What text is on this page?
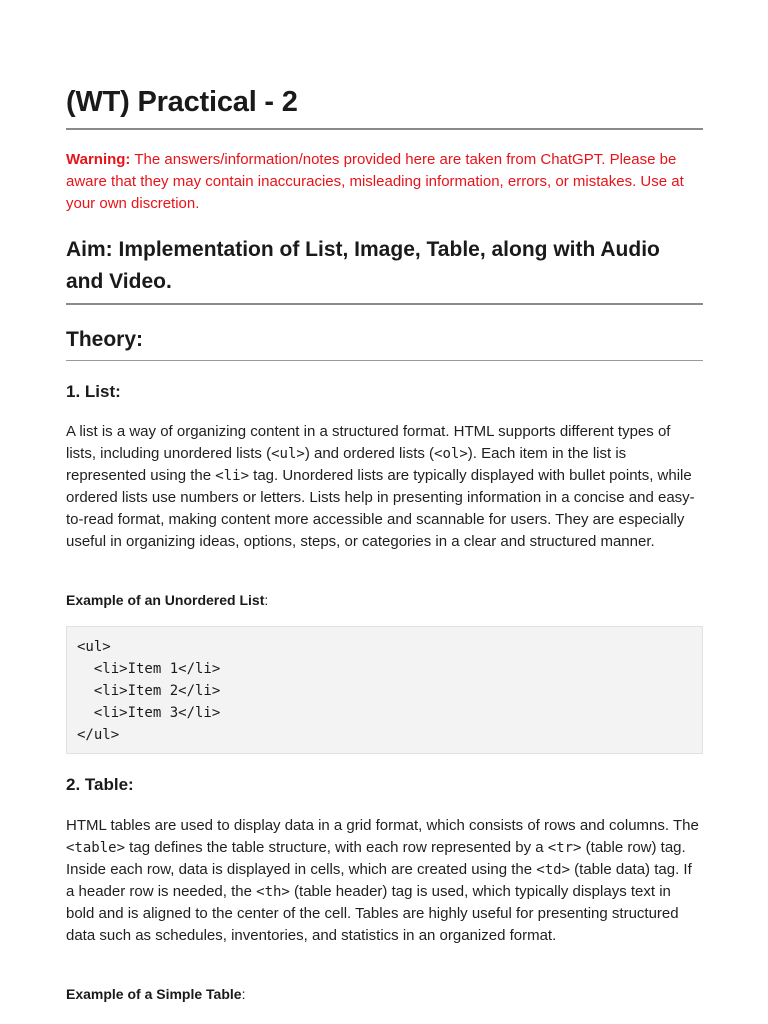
(WT) Practical - 2

Warning: The answers/information/notes provided here are taken from ChatGPT. Please be aware that they may contain inaccuracies, misleading information, errors, or mistakes. Use at your own discretion.

Aim: Implementation of List, Image, Table, along with Audio and Video.
Theory:
1. List:

A list is a way of organizing content in a structured format. HTML supports different types of lists, including unordered lists (<ul>) and ordered lists (<ol>). Each item in the list is represented using the <li> tag. Unordered lists are typically displayed with bullet points, while ordered lists use numbers or letters. Lists help in presenting information in a concise and easy-to-read format, making content more accessible and scannable for users. They are especially useful in organizing ideas, options, steps, or categories in a clear and structured manner.

Example of an Unordered List:

<ul>
<li>Item 1</li>
<li>Item 2</li>
<li>Item 3</li>
</ul>
2. Table:

HTML tables are used to display data in a grid format, which consists of rows and columns. The <table> tag defines the table structure, with each row represented by a <tr> (table row) tag. Inside each row, data is displayed in cells, which are created using the <td> (table data) tag. If a header row is needed, the <th> (table header) tag is used, which typically displays text in bold and is aligned to the center of the cell. Tables are highly useful for presenting structured data such as schedules, inventories, and statistics in an organized format.

Example of a Simple Table:
